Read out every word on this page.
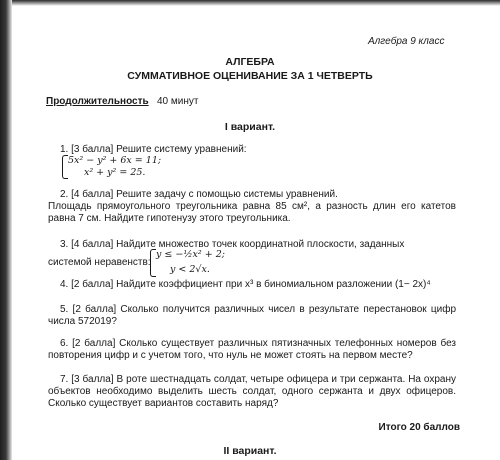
Алгебра 9 класс
АЛГЕБРА
СУММАТИВНОЕ ОЦЕНИВАНИЕ ЗА 1 ЧЕТВЕРТЬ
Продолжительность 40 минут
I вариант.
1. [3 балла] Решите систему уравнений:
5x² − y² + 6x = 11;
x² + y² = 25.
2. [4 балла] Решите задачу с помощью системы уравнений.
Площадь прямоугольного треугольника равна 85 см², а разность длин его катетов равна 7 см. Найдите гипотенузу этого треугольника.
3. [4 балла] Найдите множество точек координатной плоскости, заданных
системой неравенств:
y ≤ −½x² + 2;
y < 2√x.
4. [2 балла] Найдите коэффициент при x³ в биномиальном разложении (1− 2x)⁴
5. [2 балла] Сколько получится различных чисел в результате перестановок цифр числа 572019?
6. [2 балла] Сколько существует различных пятизначных телефонных номеров без повторения цифр и с учетом того, что нуль не может стоять на первом месте?
7. [3 балла] В роте шестнадцать солдат, четыре офицера и три сержанта. На охрану объектов необходимо выделить шесть солдат, одного сержанта и двух офицеров. Сколько существует вариантов составить наряд?
Итого 20 баллов
II вариант.
